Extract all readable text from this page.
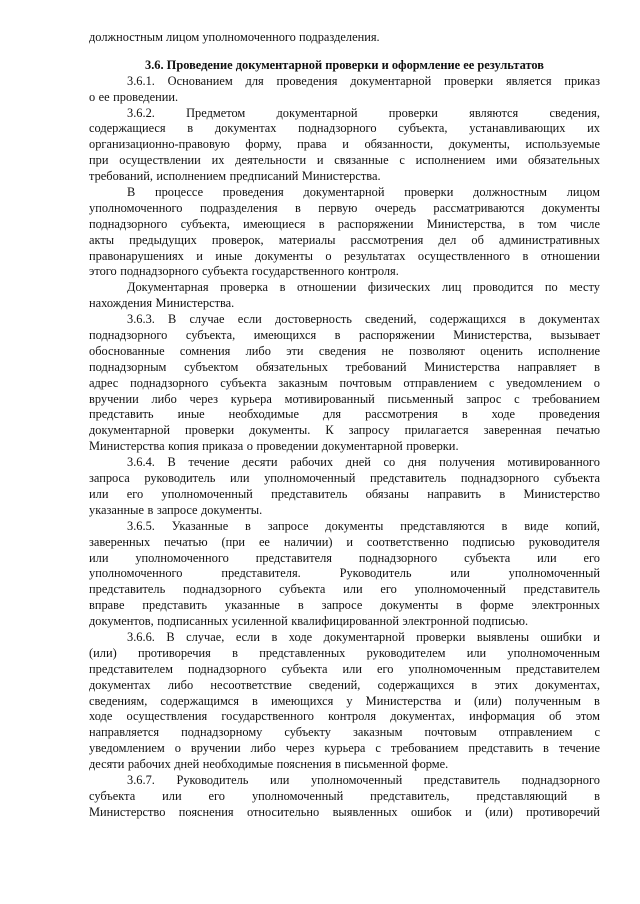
должностным лицом уполномоченного подразделения.
3.6. Проведение документарной проверки и оформление ее результатов
3.6.1. Основанием для проведения документарной проверки является приказ
о ее проведении.
3.6.2.	Предметом	документарной	проверки	являются	сведения,
содержащиеся в документах поднадзорного субъекта, устанавливающих их
организационно-правовую форму, права и обязанности, документы, используемые
при осуществлении их деятельности и связанные с исполнением ими обязательных
требований, исполнением предписаний Министерства.
В процессе проведения документарной проверки должностным лицом
уполномоченного подразделения в первую очередь рассматриваются документы
поднадзорного субъекта, имеющиеся в распоряжении Министерства, в том числе
акты предыдущих проверок, материалы рассмотрения дел об административных
правонарушениях и иные документы о результатах осуществленного в отношении
этого поднадзорного субъекта государственного контроля.
Документарная проверка в отношении физических лиц проводится по месту
нахождения Министерства.
3.6.3. В случае если достоверность сведений, содержащихся в документах
поднадзорного субъекта, имеющихся в распоряжении Министерства, вызывает
обоснованные сомнения либо эти сведения не позволяют оценить исполнение
поднадзорным субъектом обязательных требований Министерства направляет в
адрес поднадзорного субъекта заказным почтовым отправлением с уведомлением о
вручении либо через курьера мотивированный письменный запрос с требованием
представить иные необходимые для рассмотрения в ходе проведения
документарной проверки документы. К запросу прилагается заверенная печатью
Министерства копия приказа о проведении документарной проверки.
3.6.4. В течение десяти рабочих дней со дня получения мотивированного
запроса руководитель или уполномоченный представитель поднадзорного субъекта
или его уполномоченный представитель обязаны направить в Министерство
указанные в запросе документы.
3.6.5. Указанные в запросе документы представляются в виде копий,
заверенных печатью (при ее наличии) и соответственно подписью руководителя
или уполномоченного представителя поднадзорного субъекта или его
уполномоченного	представителя.	Руководитель	или	уполномоченный
представитель поднадзорного субъекта или его уполномоченный представитель
вправе представить указанные в запросе документы в форме электронных
документов, подписанных усиленной квалифицированной электронной подписью.
3.6.6. В случае, если в ходе документарной проверки выявлены ошибки и
(или) противоречия в представленных руководителем или уполномоченным
представителем поднадзорного субъекта или его уполномоченным представителем
документах либо несоответствие сведений, содержащихся в этих документах,
сведениям, содержащимся в имеющихся у Министерства и (или) полученным в
ходе осуществления государственного контроля документах, информация об этом
направляется поднадзорному субъекту заказным почтовым отправлением с
уведомлением о вручении либо через курьера с требованием представить в течение
десяти рабочих дней необходимые пояснения в письменной форме.
3.6.7. Руководитель или уполномоченный представитель поднадзорного
субъекта или его уполномоченный представитель, представляющий в
Министерство пояснения относительно выявленных ошибок и (или) противоречий
